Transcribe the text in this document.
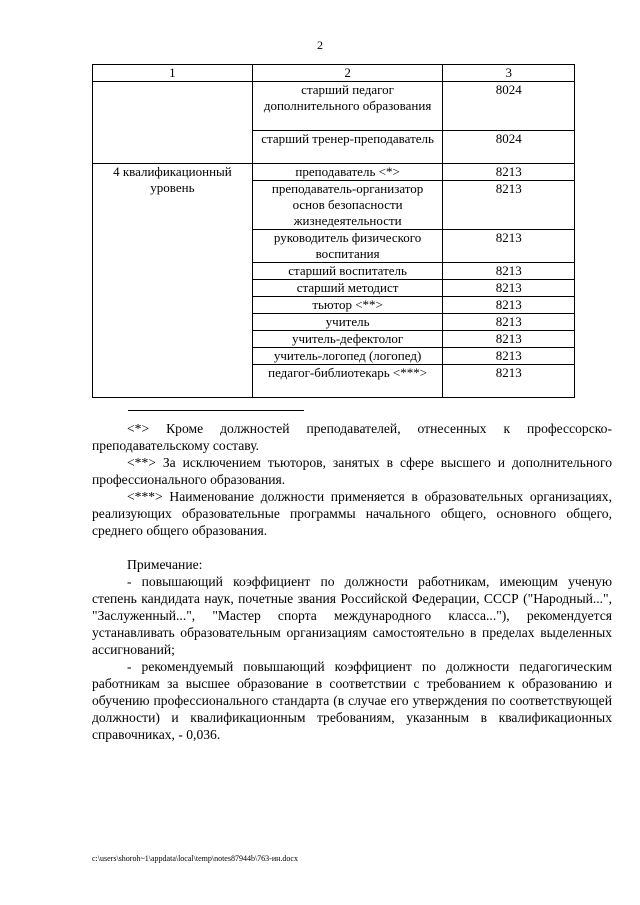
2
1	2	3
	старший педагог дополнительного образования	8024
	старший тренер-преподаватель	8024
4 квалификационный уровень	преподаватель <*>	8213
	преподаватель-организатор основ безопасности жизнедеятельности	8213
	руководитель физического воспитания	8213
	старший воспитатель	8213
	старший методист	8213
	тьютор <**>	8213
	учитель	8213
	учитель-дефектолог	8213
	учитель-логопед (логопед)	8213
	педагог-библиотекарь <***>	8213

<*> Кроме должностей преподавателей, отнесенных к профессорско-преподавательскому составу.

<**> За исключением тьюторов, занятых в сфере высшего и дополнительного профессионального образования.

<***> Наименование должности применяется в образовательных организациях, реализующих образовательные программы начального общего, основного общего, среднего общего образования.

Примечание:

- повышающий коэффициент по должности работникам, имеющим ученую степень кандидата наук, почетные звания Российской Федерации, СССР ("Народный...", "Заслуженный...", "Мастер спорта международного класса..."), рекомендуется устанавливать образовательным организациям самостоятельно в пределах выделенных ассигнований;

- рекомендуемый повышающий коэффициент по должности педагогическим работникам за высшее образование в соответствии с требованием к образованию и обучению профессионального стандарта (в случае его утверждения по соответствующей должности) и квалификационным требованиям, указанным в квалификационных справочниках, - 0,036.

c:\users\shoroh~1\appdata\local\temp\notes87944b\763-ин.docx
